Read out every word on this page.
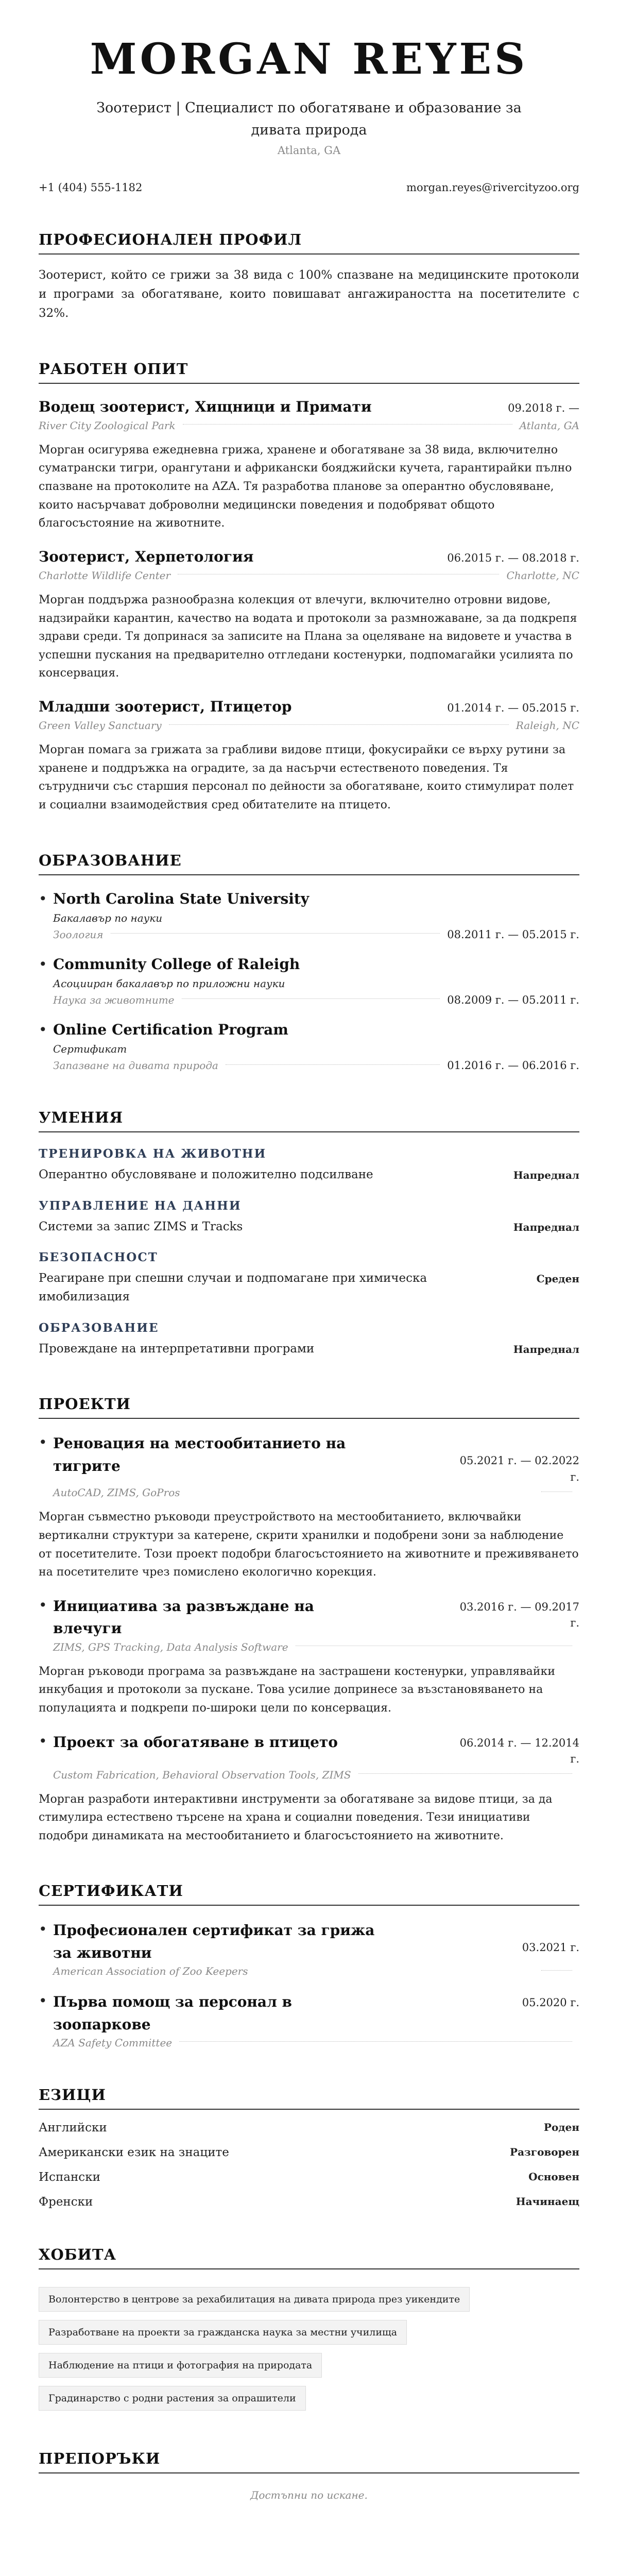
MORGAN REYES
Зоотерист | Специалист по обогатяване и образование за дивата природа
Atlanta, GA
+1 (404) 555-1182	morgan.reyes@rivercityzoo.org
ПРОФЕСИОНАЛЕН ПРОФИЛ

Зоотерист, който се грижи за 38 вида с 100% спазване на медицинските протоколи и програми за обогатяване, които повишават ангажираността на посетителите с 32%.

РАБОТЕН ОПИТ
Водещ зоотерист, Хищници и Примати	09.2018 г. —
River City Zoological Park	Atlanta, GA

Морган осигурява ежедневна грижа, хранене и обогатяване за 38 вида, включително суматрански тигри, орангутани и африкански бояджийски кучета, гарантирайки пълно спазване на протоколите на AZA. Тя разработва планове за оперантно обусловяване, които насърчават доброволни медицински поведения и подобряват общото благосъстояние на животните.

Зоотерист, Херпетология	06.2015 г. — 08.2018 г.
Charlotte Wildlife Center	Charlotte, NC

Морган поддържа разнообразна колекция от влечуги, включително отровни видове, надзирайки карантин, качество на водата и протоколи за размножаване, за да подкрепя здрави среди. Тя допринася за записите на Плана за оцеляване на видовете и участва в успешни пускания на предварително отгледани костенурки, подпомагайки усилията по консервация.

Младши зоотерист, Птицетор	01.2014 г. — 05.2015 г.
Green Valley Sanctuary	Raleigh, NC

Морган помага за грижата за грабливи видове птици, фокусирайки се върху рутини за хранене и поддръжка на оградите, за да насърчи естественото поведения. Тя сътрудничи със старшия персонал по дейности за обогатяване, които стимулират полет и социални взаимодействия сред обитателите на птицето.

ОБРАЗОВАНИЕ
• North Carolina State University
Бакалавър по науки
Зоология	08.2011 г. — 05.2015 г.
• Community College of Raleigh
Асоцииран бакалавър по приложни науки
Наука за животните	08.2009 г. — 05.2011 г.
• Online Certification Program
Сертификат
Запазване на дивата природа	01.2016 г. — 06.2016 г.
УМЕНИЯ
ТРЕНИРОВКА НА ЖИВОТНИ
Оперантно обусловяване и положително подсилване	Напреднал
УПРАВЛЕНИЕ НА ДАННИ
Системи за запис ZIMS и Tracks	Напреднал
БЕЗОПАСНОСТ
Реагиране при спешни случаи и подпомагане при химическа имобилизация
Среден
ОБРАЗОВАНИЕ
Провеждане на интерпретативни програми	Напреднал
ПРОЕКТИ
• Реновация на местообитанието на тигрите	05.2021 г. — 02.2022 г.
AutoCAD, ZIMS, GoPros

Морган съвместно ръководи преустройството на местообитанието, включвайки вертикални структури за катерене, скрити хранилки и подобрени зони за наблюдение от посетителите. Този проект подобри благосъстоянието на животните и преживяването на посетителите чрез помислено екологично корекция.

• Инициатива за развъждане на влечуги
03.2016 г. — 09.2017 г.
ZIMS, GPS Tracking, Data Analysis Software

Морган ръководи програма за развъждане на застрашени костенурки, управлявайки инкубация и протоколи за пускане. Това усилие допринесе за възстановяването на популацията и подкрепи по-широки цели по консервация.

• Проект за обогатяване в птицето	06.2014 г. — 12.2014 г.
Custom Fabrication, Behavioral Observation Tools, ZIMS

Морган разработи интерактивни инструменти за обогатяване за видове птици, за да стимулира естествено търсене на храна и социални поведения. Тези инициативи подобри динамиката на местообитанието и благосъстоянието на животните.

СЕРТИФИКАТИ
• Професионален сертификат за грижа за животни	03.2021 г.
American Association of Zoo Keepers
• Първа помощ за персонал в зоопаркове
05.2020 г.
AZA Safety Committee
ЕЗИЦИ
Английски	Роден
Американски език на знаците	Разговорен
Испански	Основен
Френски	Начинаещ
ХОБИТА
Волонтерство в центрове за рехабилитация на дивата природа през уикендите
Разработване на проекти за гражданска наука за местни училища
Наблюдение на птици и фотография на природата
Градинарство с родни растения за опрашители
ПРЕПОРЪКИ
Достъпни по искане.
